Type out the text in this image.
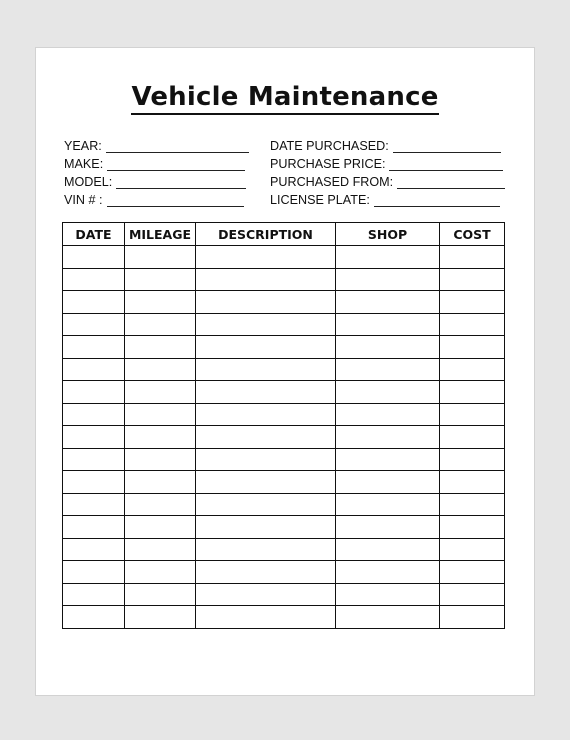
Vehicle Maintenance
YEAR:
MAKE:
MODEL:
VIN # :
DATE PURCHASED:
PURCHASE PRICE:
PURCHASED FROM:
LICENSE PLATE:
DATE	MILEAGE	DESCRIPTION	SHOP	COST
